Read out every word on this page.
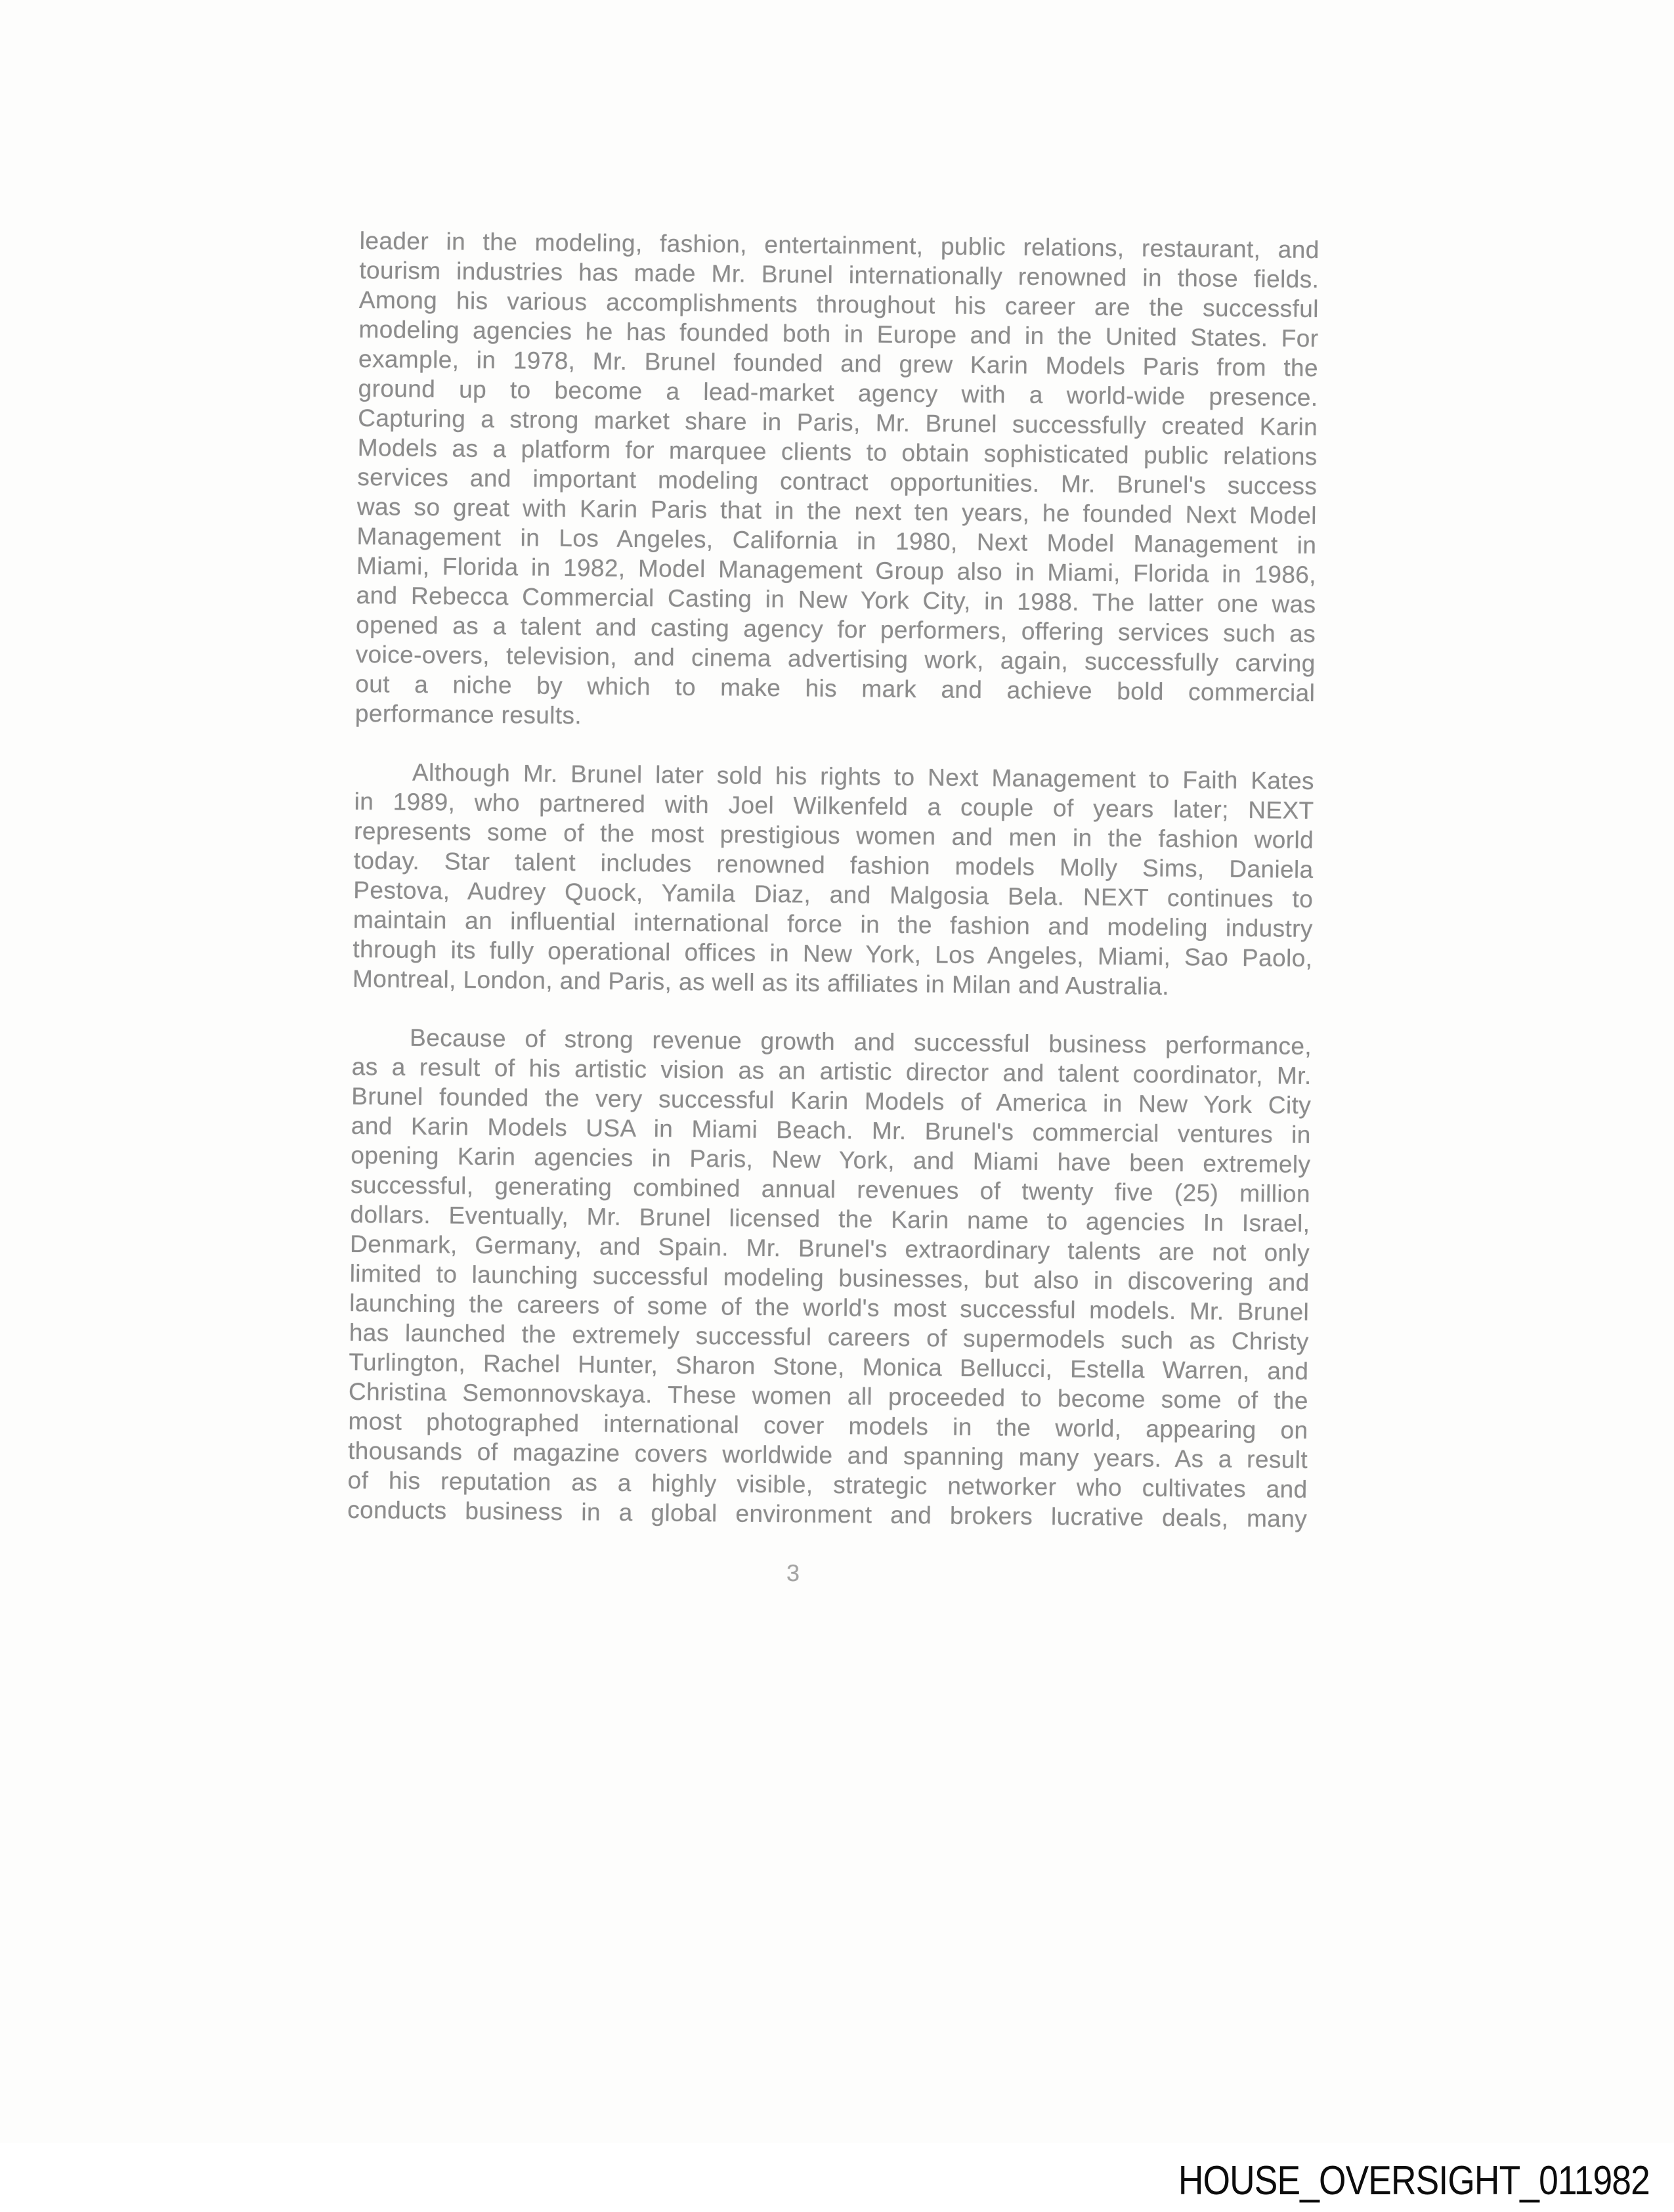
leader in the modeling, fashion, entertainment, public relations, restaurant, and
tourism industries has made Mr. Brunel internationally renowned in those fields.
Among his various accomplishments throughout his career are the successful
modeling agencies he has founded both in Europe and in the United States. For
example, in 1978, Mr. Brunel founded and grew Karin Models Paris from the
ground up to become a lead-market agency with a world-wide presence.
Capturing a strong market share in Paris, Mr. Brunel successfully created Karin
Models as a platform for marquee clients to obtain sophisticated public relations
services and important modeling contract opportunities. Mr. Brunel's success
was so great with Karin Paris that in the next ten years, he founded Next Model
Management in Los Angeles, California in 1980, Next Model Management in
Miami, Florida in 1982, Model Management Group also in Miami, Florida in 1986,
and Rebecca Commercial Casting in New York City, in 1988. The latter one was
opened as a talent and casting agency for performers, offering services such as
voice-overs, television, and cinema advertising work, again, successfully carving
out a niche by which to make his mark and achieve bold commercial
performance results.
Although Mr. Brunel later sold his rights to Next Management to Faith Kates
in 1989, who partnered with Joel Wilkenfeld a couple of years later; NEXT
represents some of the most prestigious women and men in the fashion world
today. Star talent includes renowned fashion models Molly Sims, Daniela
Pestova, Audrey Quock, Yamila Diaz, and Malgosia Bela. NEXT continues to
maintain an influential international force in the fashion and modeling industry
through its fully operational offices in New York, Los Angeles, Miami, Sao Paolo,
Montreal, London, and Paris, as well as its affiliates in Milan and Australia.
Because of strong revenue growth and successful business performance,
as a result of his artistic vision as an artistic director and talent coordinator, Mr.
Brunel founded the very successful Karin Models of America in New York City
and Karin Models USA in Miami Beach. Mr. Brunel's commercial ventures in
opening Karin agencies in Paris, New York, and Miami have been extremely
successful, generating combined annual revenues of twenty five (25) million
dollars. Eventually, Mr. Brunel licensed the Karin name to agencies In Israel,
Denmark, Germany, and Spain. Mr. Brunel's extraordinary talents are not only
limited to launching successful modeling businesses, but also in discovering and
launching the careers of some of the world's most successful models. Mr. Brunel
has launched the extremely successful careers of supermodels such as Christy
Turlington, Rachel Hunter, Sharon Stone, Monica Bellucci, Estella Warren, and
Christina Semonnovskaya. These women all proceeded to become some of the
most photographed international cover models in the world, appearing on
thousands of magazine covers worldwide and spanning many years. As a result
of his reputation as a highly visible, strategic networker who cultivates and
conducts business in a global environment and brokers lucrative deals, many
3
HOUSE_OVERSIGHT_011982
